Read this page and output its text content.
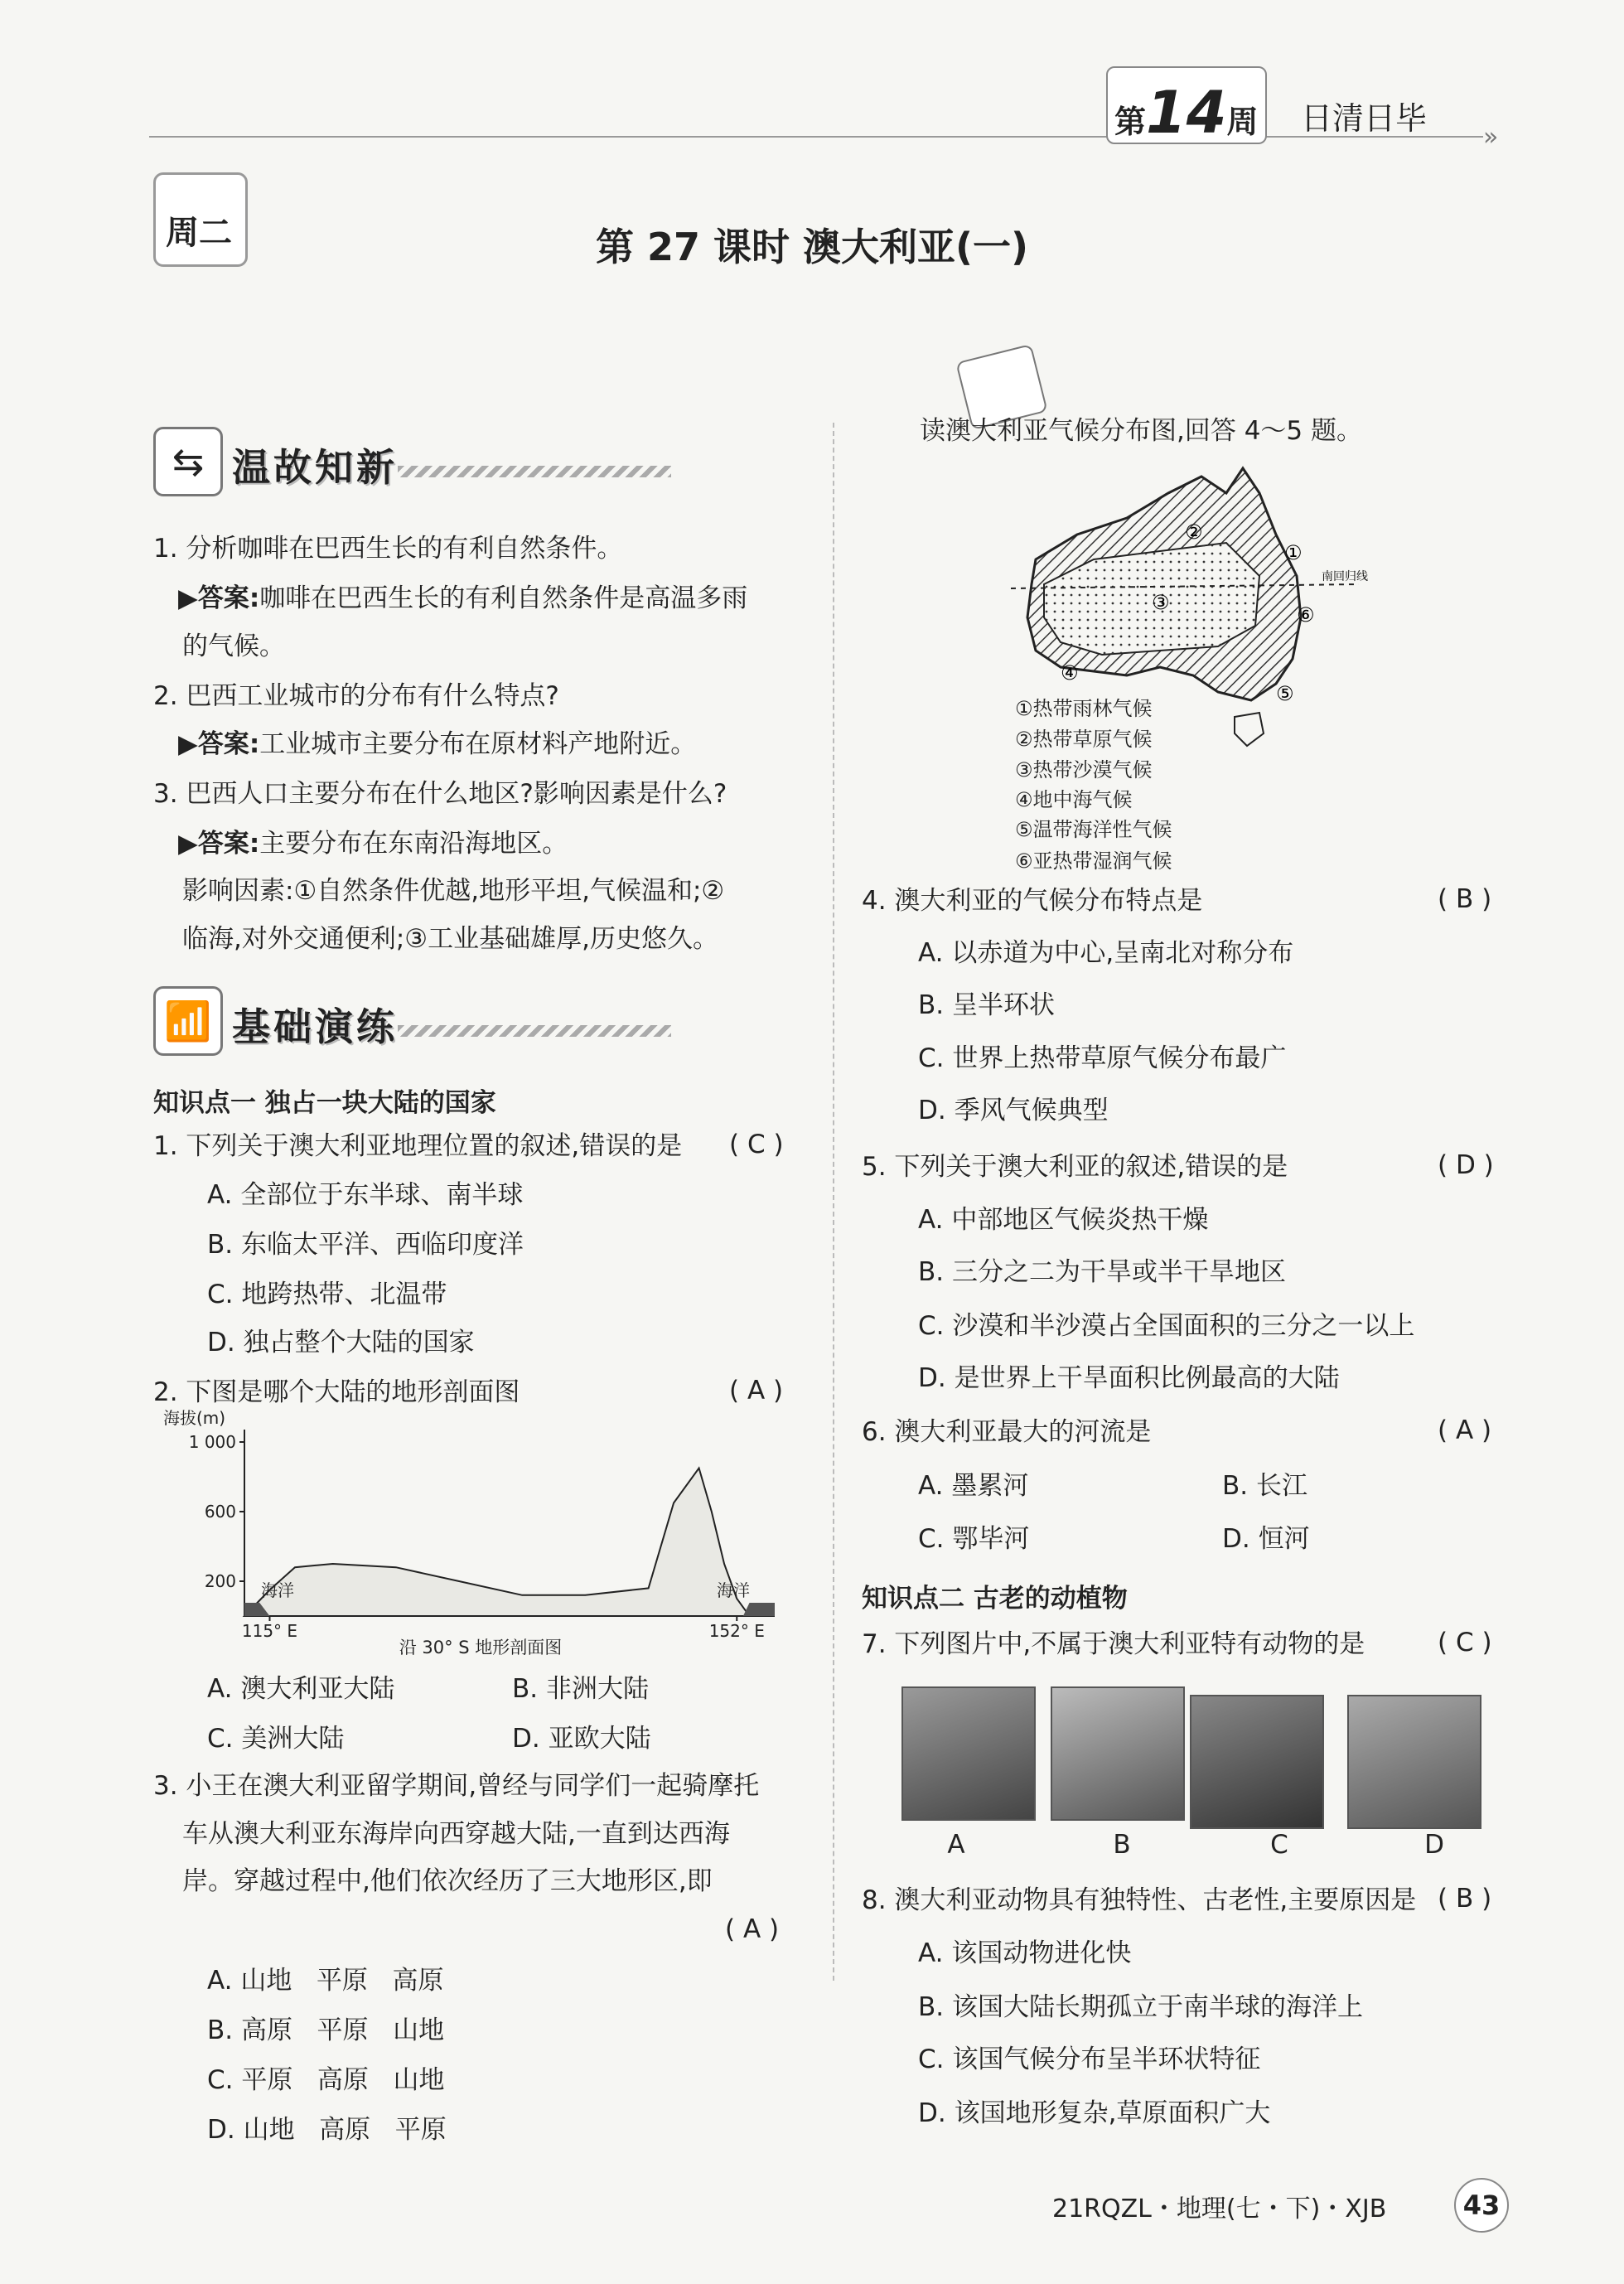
第14周 日清日毕
»
周二	第 27 课时 澳大利亚(一)
⇆ 温故知新
1. 分析咖啡在巴西生长的有利自然条件。
▶答案:咖啡在巴西生长的有利自然条件是高温多雨
的气候。
2. 巴西工业城市的分布有什么特点?
▶答案:工业城市主要分布在原材料产地附近。
3. 巴西人口主要分布在什么地区?影响因素是什么?
▶答案:主要分布在东南沿海地区。
影响因素:①自然条件优越,地形平坦,气候温和;②
临海,对外交通便利;③工业基础雄厚,历史悠久。
📶 基础演练
知识点一 独占一块大陆的国家
1. 下列关于澳大利亚地理位置的叙述,错误的是 ( C )
A. 全部位于东半球、南半球
B. 东临太平洋、西临印度洋
C. 地跨热带、北温带
D. 独占整个大陆的国家
2. 下图是哪个大陆的地形剖面图	( A )
海拔(m)
1 000
600
200 海洋	海洋
115° E	152° E
沿 30° S 地形剖面图
A. 澳大利亚大陆	B. 非洲大陆
C. 美洲大陆	D. 亚欧大陆
3. 小王在澳大利亚留学期间,曾经与同学们一起骑摩托
车从澳大利亚东海岸向西穿越大陆,一直到达西海
岸。穿越过程中,他们依次经历了三大地形区,即
( A )
A. 山地 平原 高原
B. 高原 平原 山地
C. 平原 高原 山地
D. 山地 高原 平原
读澳大利亚气候分布图,回答 4～5 题。
南回归线
①
②
③
④
⑤
⑥
①热带雨林气候
②热带草原气候
③热带沙漠气候
④地中海气候
⑤温带海洋性气候
⑥亚热带湿润气候
4. 澳大利亚的气候分布特点是	( B )
A. 以赤道为中心,呈南北对称分布
B. 呈半环状
C. 世界上热带草原气候分布最广
D. 季风气候典型
5. 下列关于澳大利亚的叙述,错误的是	( D )
A. 中部地区气候炎热干燥
B. 三分之二为干旱或半干旱地区
C. 沙漠和半沙漠占全国面积的三分之一以上
D. 是世界上干旱面积比例最高的大陆
6. 澳大利亚最大的河流是	( A )
A. 墨累河	B. 长江
C. 鄂毕河	D. 恒河
知识点二 古老的动植物
7. 下列图片中,不属于澳大利亚特有动物的是	( C )
A	B	C	D
8. 澳大利亚动物具有独特性、古老性,主要原因是 ( B )
A. 该国动物进化快
B. 该国大陆长期孤立于南半球的海洋上
C. 该国气候分布呈半环状特征
D. 该国地形复杂,草原面积广大
21RQZL・地理(七・下)・XJB	43
